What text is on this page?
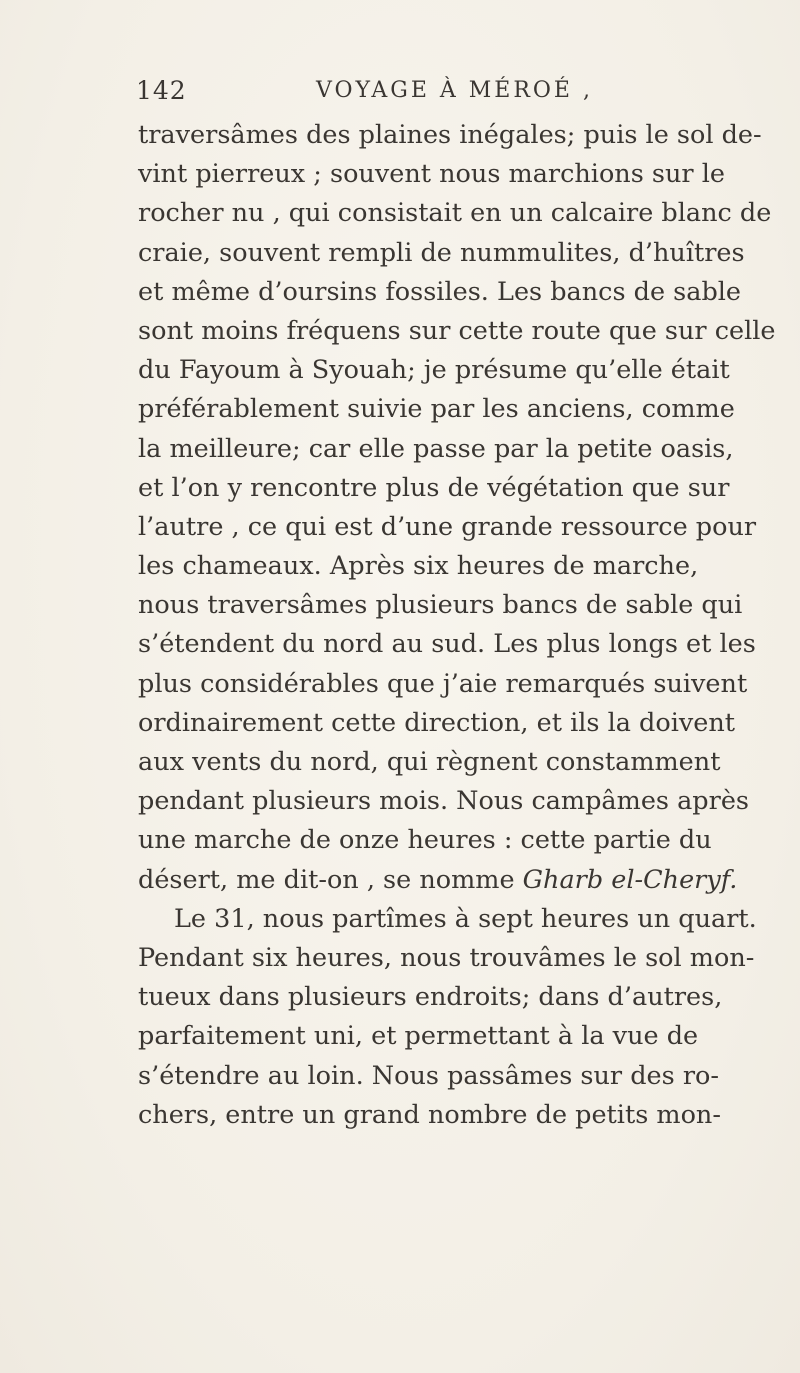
142	VOYAGE À MÉROÉ ,
traversâmes des plaines inégales; puis le sol de-
vint pierreux ; souvent nous marchions sur le
rocher nu , qui consistait en un calcaire blanc de
craie, souvent rempli de nummulites, d’huîtres
et même d’oursins fossiles. Les bancs de sable
sont moins fréquens sur cette route que sur celle
du Fayoum à Syouah; je présume qu’elle était
préférablement suivie par les anciens, comme
la meilleure; car elle passe par la petite oasis,
et l’on y rencontre plus de végétation que sur
l’autre , ce qui est d’une grande ressource pour
les chameaux. Après six heures de marche,
nous traversâmes plusieurs bancs de sable qui
s’étendent du nord au sud. Les plus longs et les
plus considérables que j’aie remarqués suivent
ordinairement cette direction, et ils la doivent
aux vents du nord, qui règnent constamment
pendant plusieurs mois. Nous campâmes après
une marche de onze heures : cette partie du
désert, me dit-on , se nomme Gharb el-Cheryf.
Le 31, nous partîmes à sept heures un quart.
Pendant six heures, nous trouvâmes le sol mon-
tueux dans plusieurs endroits; dans d’autres,
parfaitement uni, et permettant à la vue de
s’étendre au loin. Nous passâmes sur des ro-
chers, entre un grand nombre de petits mon-
